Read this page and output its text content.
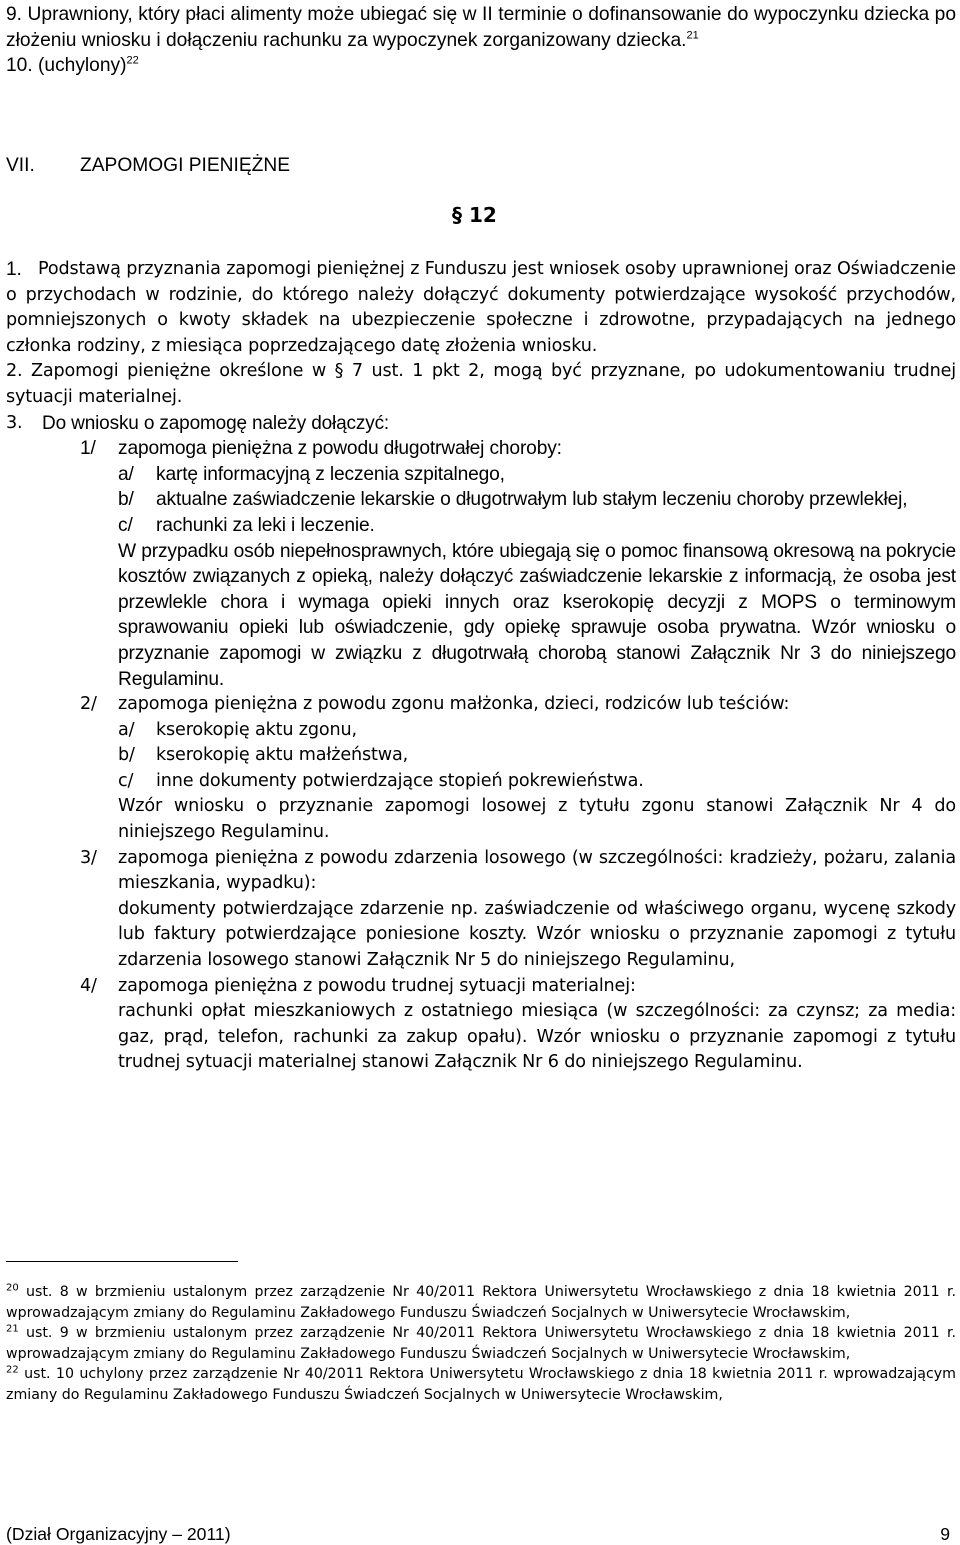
9. Uprawniony, który płaci alimenty może ubiegać się w II terminie o dofinansowanie do wypoczynku dziecka po złożeniu wniosku i dołączeniu rachunku za wypoczynek zorganizowany dziecka.$^{21}$

10. (uchylony)$^{22}$

VII. ZAPOMOGI PIENIĘŻNE
§ 12
1. Podstawą przyznania zapomogi pieniężnej z Funduszu jest wniosek osoby uprawnionej oraz Oświadczenie o przychodach w rodzinie, do którego należy dołączyć dokumenty potwierdzające wysokość przychodów, pomniejszonych o kwoty składek na ubezpieczenie społeczne i zdrowotne, przypadających na jednego członka rodziny, z miesiąca poprzedzającego datę złożenia wniosku.

2. Zapomogi pieniężne określone w § 7 ust. 1 pkt 2, mogą być przyznane, po udokumentowaniu trudnej sytuacji materialnej.

3.	Do wniosku o zapomogę należy dołączyć:

1/	zapomoga pieniężna z powodu długotrwałej choroby:

a/	kartę informacyjną z leczenia szpitalnego,

b/	aktualne zaświadczenie lekarskie o długotrwałym lub stałym leczeniu choroby przewlekłej,

c/	rachunki za leki i leczenie.

W przypadku osób niepełnosprawnych, które ubiegają się o pomoc finansową okresową na pokrycie kosztów związanych z opieką, należy dołączyć zaświadczenie lekarskie z informacją, że osoba jest przewlekle chora i wymaga opieki innych oraz kserokopię decyzji z MOPS o terminowym sprawowaniu opieki lub oświadczenie, gdy opiekę sprawuje osoba prywatna. Wzór wniosku o przyznanie zapomogi w związku z długotrwałą chorobą stanowi Załącznik Nr 3 do niniejszego Regulaminu.

2/	zapomoga pieniężna z powodu zgonu małżonka, dzieci, rodziców lub teściów:

a/	kserokopię aktu zgonu,

b/	kserokopię aktu małżeństwa,

c/	inne dokumenty potwierdzające stopień pokrewieństwa.

Wzór wniosku o przyznanie zapomogi losowej z tytułu zgonu stanowi Załącznik Nr 4 do niniejszego Regulaminu.

3/	zapomoga pieniężna z powodu zdarzenia losowego (w szczególności: kradzieży, pożaru, zalania mieszkania, wypadku):

dokumenty potwierdzające zdarzenie np. zaświadczenie od właściwego organu, wycenę szkody lub faktury potwierdzające poniesione koszty. Wzór wniosku o przyznanie zapomogi z tytułu zdarzenia losowego stanowi Załącznik Nr 5 do niniejszego Regulaminu,

4/	zapomoga pieniężna z powodu trudnej sytuacji materialnej:

rachunki opłat mieszkaniowych z ostatniego miesiąca (w szczególności: za czynsz; za media: gaz, prąd, telefon, rachunki za zakup opału). Wzór wniosku o przyznanie zapomogi z tytułu trudnej sytuacji materialnej stanowi Załącznik Nr 6 do niniejszego Regulaminu.

$^{20}$ ust. 8 w brzmieniu ustalonym przez zarządzenie Nr 40/2011 Rektora Uniwersytetu Wrocławskiego z dnia 18 kwietnia 2011 r. wprowadzającym zmiany do Regulaminu Zakładowego Funduszu Świadczeń Socjalnych w Uniwersytecie Wrocławskim,

$^{21}$ ust. 9 w brzmieniu ustalonym przez zarządzenie Nr 40/2011 Rektora Uniwersytetu Wrocławskiego z dnia 18 kwietnia 2011 r. wprowadzającym zmiany do Regulaminu Zakładowego Funduszu Świadczeń Socjalnych w Uniwersytecie Wrocławskim,

$^{22}$ ust. 10 uchylony przez zarządzenie Nr 40/2011 Rektora Uniwersytetu Wrocławskiego z dnia 18 kwietnia 2011 r. wprowadzającym zmiany do Regulaminu Zakładowego Funduszu Świadczeń Socjalnych w Uniwersytecie Wrocławskim,

(Dział Organizacyjny – 2011)	9
